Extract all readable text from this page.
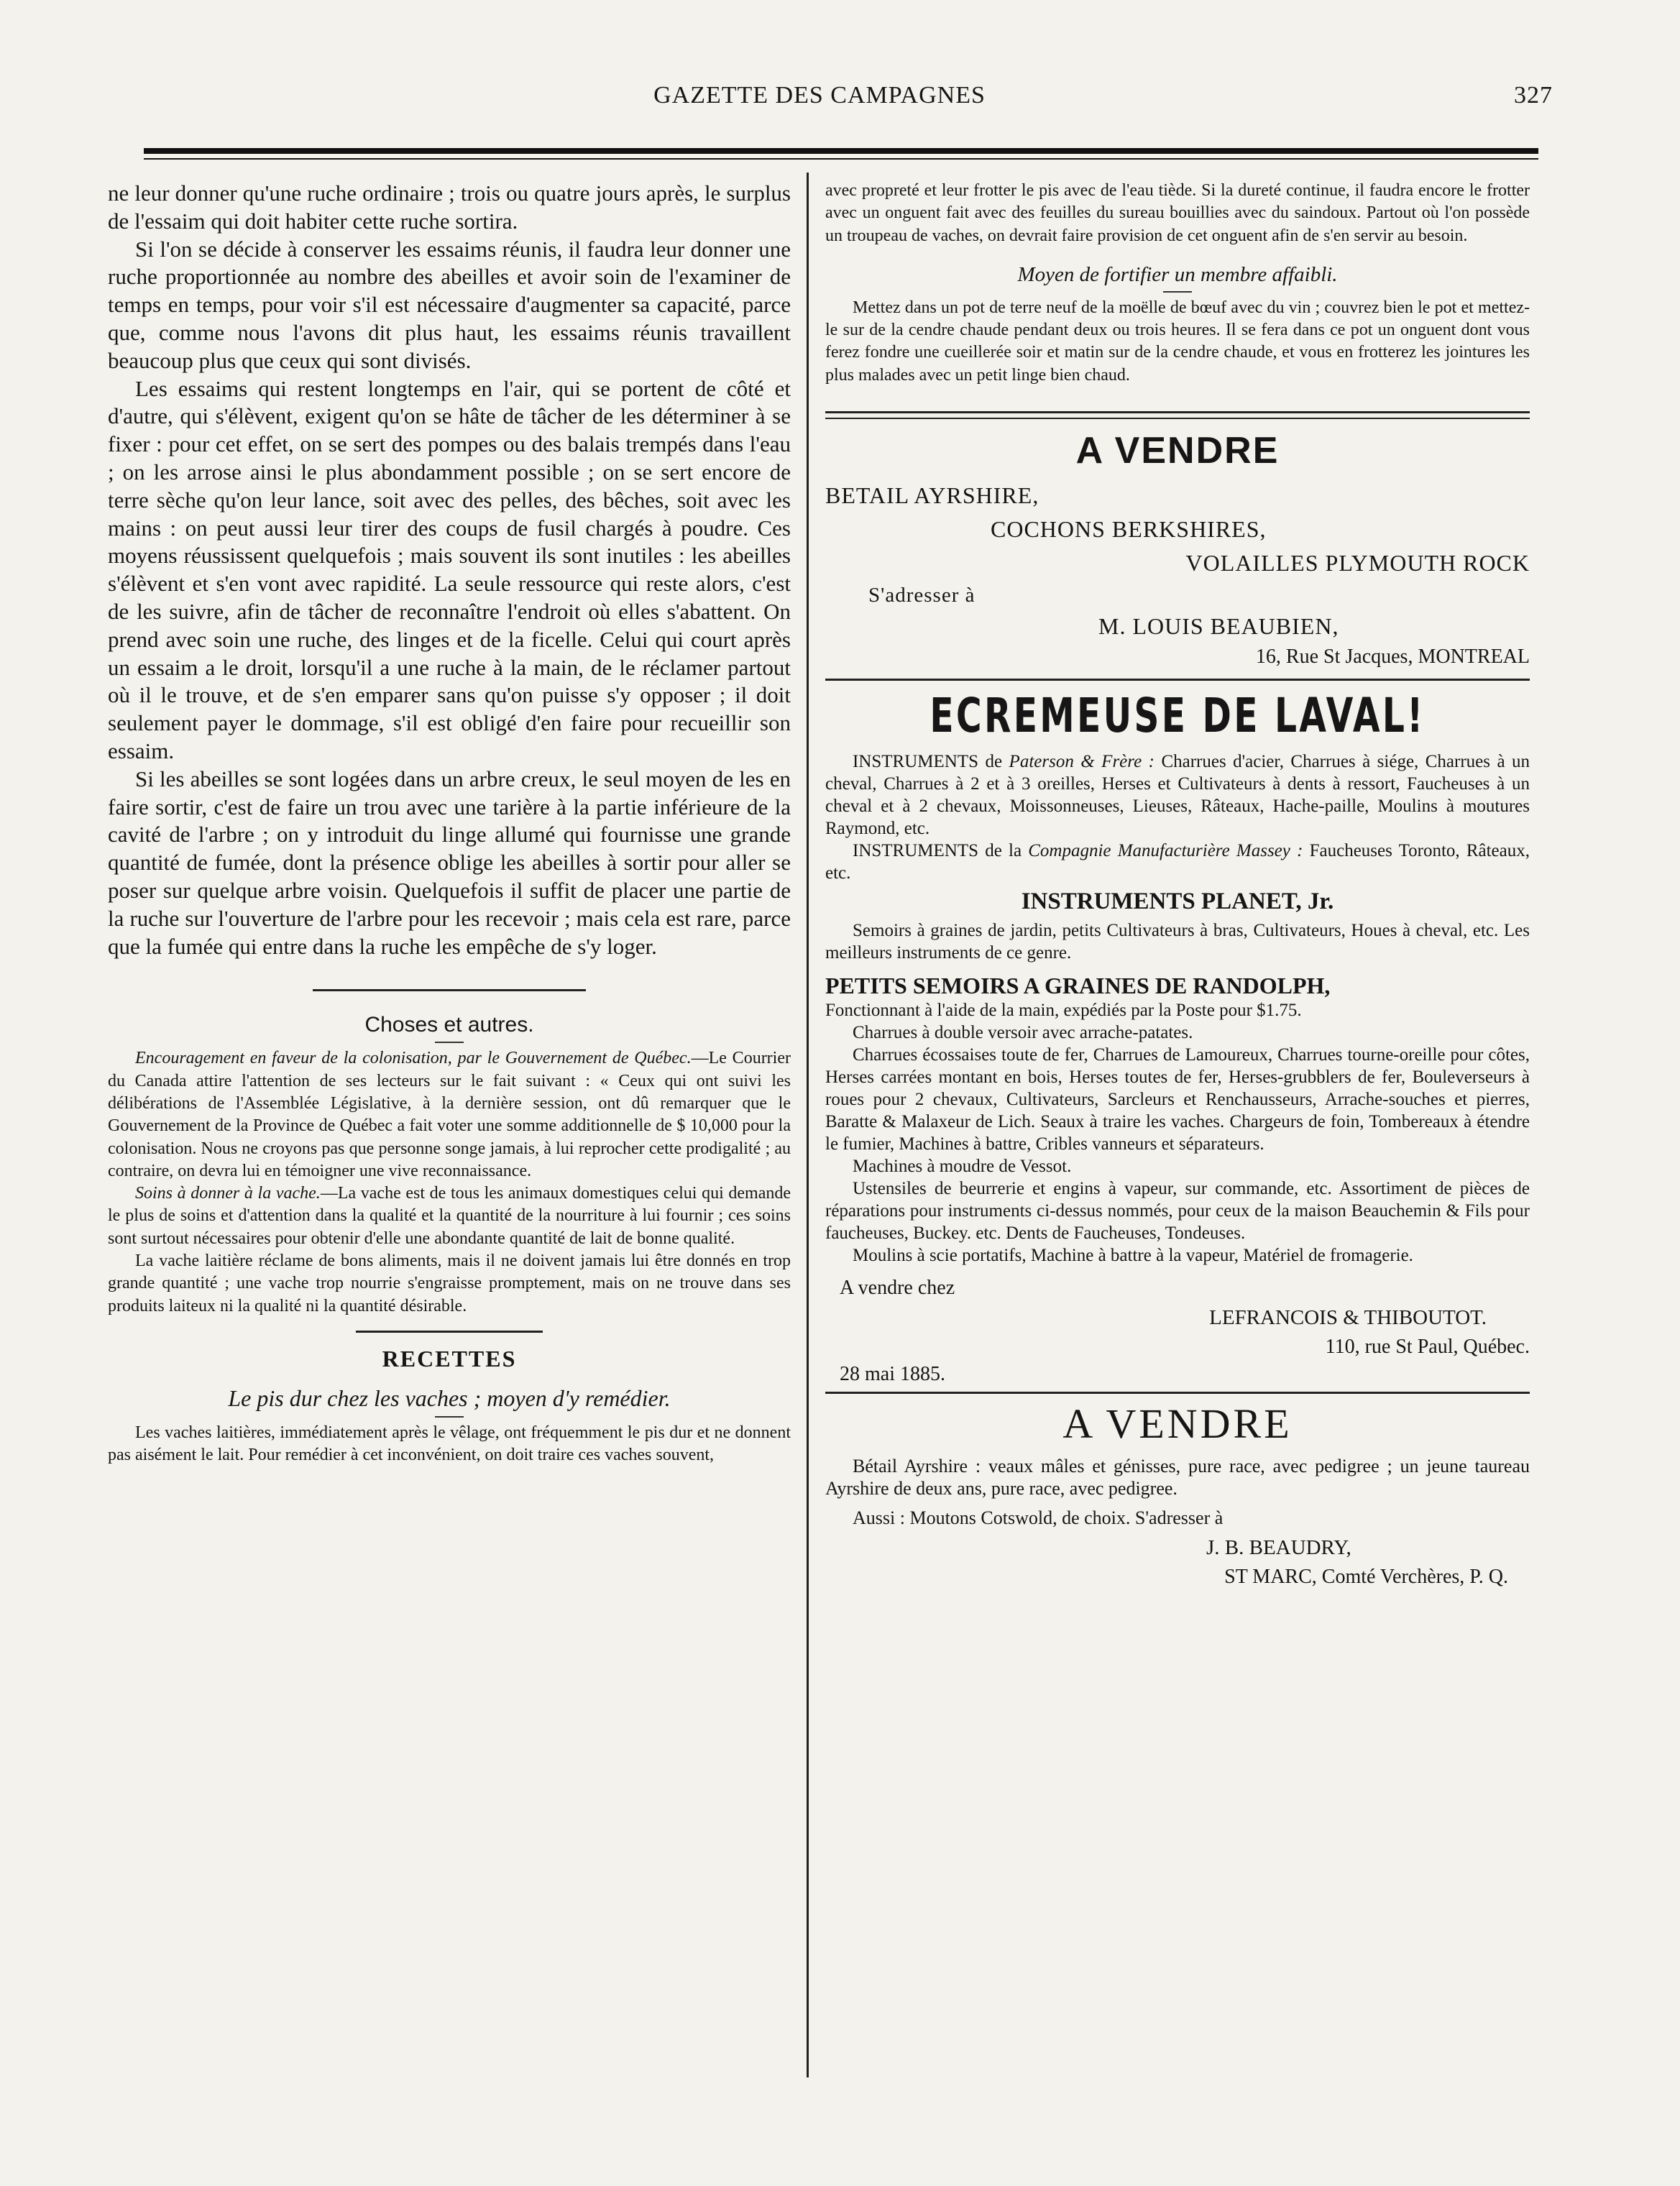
GAZETTE DES CAMPAGNES	327

ne leur donner qu'une ruche ordinaire ; trois ou quatre jours après, le surplus de l'essaim qui doit habiter cette ruche sortira.

Si l'on se décide à conserver les essaims réunis, il faudra leur donner une ruche proportionnée au nombre des abeilles et avoir soin de l'examiner de temps en temps, pour voir s'il est nécessaire d'augmenter sa capacité, parce que, comme nous l'avons dit plus haut, les essaims réunis travaillent beaucoup plus que ceux qui sont divisés.

Les essaims qui restent longtemps en l'air, qui se portent de côté et d'autre, qui s'élèvent, exigent qu'on se hâte de tâcher de les déterminer à se fixer : pour cet effet, on se sert des pompes ou des balais trempés dans l'eau ; on les arrose ainsi le plus abondamment possible ; on se sert encore de terre sèche qu'on leur lance, soit avec des pelles, des bêches, soit avec les mains : on peut aussi leur tirer des coups de fusil chargés à poudre. Ces moyens réussissent quelquefois ; mais souvent ils sont inutiles : les abeilles s'élèvent et s'en vont avec rapidité. La seule ressource qui reste alors, c'est de les suivre, afin de tâcher de reconnaître l'endroit où elles s'abattent. On prend avec soin une ruche, des linges et de la ficelle. Celui qui court après un essaim a le droit, lorsqu'il a une ruche à la main, de le réclamer partout où il le trouve, et de s'en emparer sans qu'on puisse s'y opposer ; il doit seulement payer le dommage, s'il est obligé d'en faire pour recueillir son essaim.

Si les abeilles se sont logées dans un arbre creux, le seul moyen de les en faire sortir, c'est de faire un trou avec une tarière à la partie inférieure de la cavité de l'arbre ; on y introduit du linge allumé qui fournisse une grande quantité de fumée, dont la présence oblige les abeilles à sortir pour aller se poser sur quelque arbre voisin. Quelquefois il suffit de placer une partie de la ruche sur l'ouverture de l'arbre pour les recevoir ; mais cela est rare, parce que la fumée qui entre dans la ruche les empêche de s'y loger.

Choses et autres.

Encouragement en faveur de la colonisation, par le Gouvernement de Québec.—Le Courrier du Canada attire l'attention de ses lecteurs sur le fait suivant : « Ceux qui ont suivi les délibérations de l'Assemblée Législative, à la dernière session, ont dû remarquer que le Gouvernement de la Province de Québec a fait voter une somme additionnelle de $ 10,000 pour la colonisation. Nous ne croyons pas que personne songe jamais, à lui reprocher cette prodigalité ; au contraire, on devra lui en témoigner une vive reconnaissance.

Soins à donner à la vache.—La vache est de tous les animaux domestiques celui qui demande le plus de soins et d'attention dans la qualité et la quantité de la nourriture à lui fournir ; ces soins sont surtout nécessaires pour obtenir d'elle une abondante quantité de lait de bonne qualité.

La vache laitière réclame de bons aliments, mais il ne doivent jamais lui être donnés en trop grande quantité ; une vache trop nourrie s'engraisse promptement, mais on ne trouve dans ses produits laiteux ni la qualité ni la quantité désirable.

RECETTES
Le pis dur chez les vaches ; moyen d'y remédier.

Les vaches laitières, immédiatement après le vêlage, ont fréquemment le pis dur et ne donnent pas aisément le lait. Pour remédier à cet inconvénient, on doit traire ces vaches souvent,

avec propreté et leur frotter le pis avec de l'eau tiède. Si la dureté continue, il faudra encore le frotter avec un onguent fait avec des feuilles du sureau bouillies avec du saindoux. Partout où l'on possède un troupeau de vaches, on devrait faire provision de cet onguent afin de s'en servir au besoin.

Moyen de fortifier un membre affaibli.

Mettez dans un pot de terre neuf de la moëlle de bœuf avec du vin ; couvrez bien le pot et mettez-le sur de la cendre chaude pendant deux ou trois heures. Il se fera dans ce pot un onguent dont vous ferez fondre une cueillerée soir et matin sur de la cendre chaude, et vous en frotterez les jointures les plus malades avec un petit linge bien chaud.

A VENDRE
BETAIL AYRSHIRE,
COCHONS BERKSHIRES,
VOLAILLES PLYMOUTH ROCK
S'adresser à
M. LOUIS BEAUBIEN,
16, Rue St Jacques, MONTREAL
ECREMEUSE DE LAVAL!

INSTRUMENTS de Paterson & Frère : Charrues d'acier, Charrues à siége, Charrues à un cheval, Charrues à 2 et à 3 oreilles, Herses et Cultivateurs à dents à ressort, Faucheuses à un cheval et à 2 chevaux, Moissonneuses, Lieuses, Râteaux, Hache-paille, Moulins à moutures Raymond, etc.

INSTRUMENTS de la Compagnie Manufacturière Massey : Faucheuses Toronto, Râteaux, etc.

INSTRUMENTS PLANET, Jr.

Semoirs à graines de jardin, petits Cultivateurs à bras, Cultivateurs, Houes à cheval, etc. Les meilleurs instruments de ce genre.

PETITS SEMOIRS A GRAINES DE RANDOLPH,

Fonctionnant à l'aide de la main, expédiés par la Poste pour $1.75.

Charrues à double versoir avec arrache-patates.

Charrues écossaises toute de fer, Charrues de Lamoureux, Charrues tourne-oreille pour côtes, Herses carrées montant en bois, Herses toutes de fer, Herses-grubblers de fer, Bouleverseurs à roues pour 2 chevaux, Cultivateurs, Sarcleurs et Renchausseurs, Arrache-souches et pierres, Baratte & Malaxeur de Lich. Seaux à traire les vaches. Chargeurs de foin, Tombereaux à étendre le fumier, Machines à battre, Cribles vanneurs et séparateurs.

Machines à moudre de Vessot.

Ustensiles de beurrerie et engins à vapeur, sur commande, etc. Assortiment de pièces de réparations pour instruments ci-dessus nommés, pour ceux de la maison Beauchemin & Fils pour faucheuses, Buckey. etc. Dents de Faucheuses, Tondeuses.

Moulins à scie portatifs, Machine à battre à la vapeur, Matériel de fromagerie.

A vendre chez
LEFRANCOIS & THIBOUTOT.
110, rue St Paul, Québec.
28 mai 1885.
A VENDRE

Bétail Ayrshire : veaux mâles et génisses, pure race, avec pedigree ; un jeune taureau Ayrshire de deux ans, pure race, avec pedigree.

Aussi : Moutons Cotswold, de choix. S'adresser à

J. B. BEAUDRY,
ST MARC, Comté Verchères, P. Q.
